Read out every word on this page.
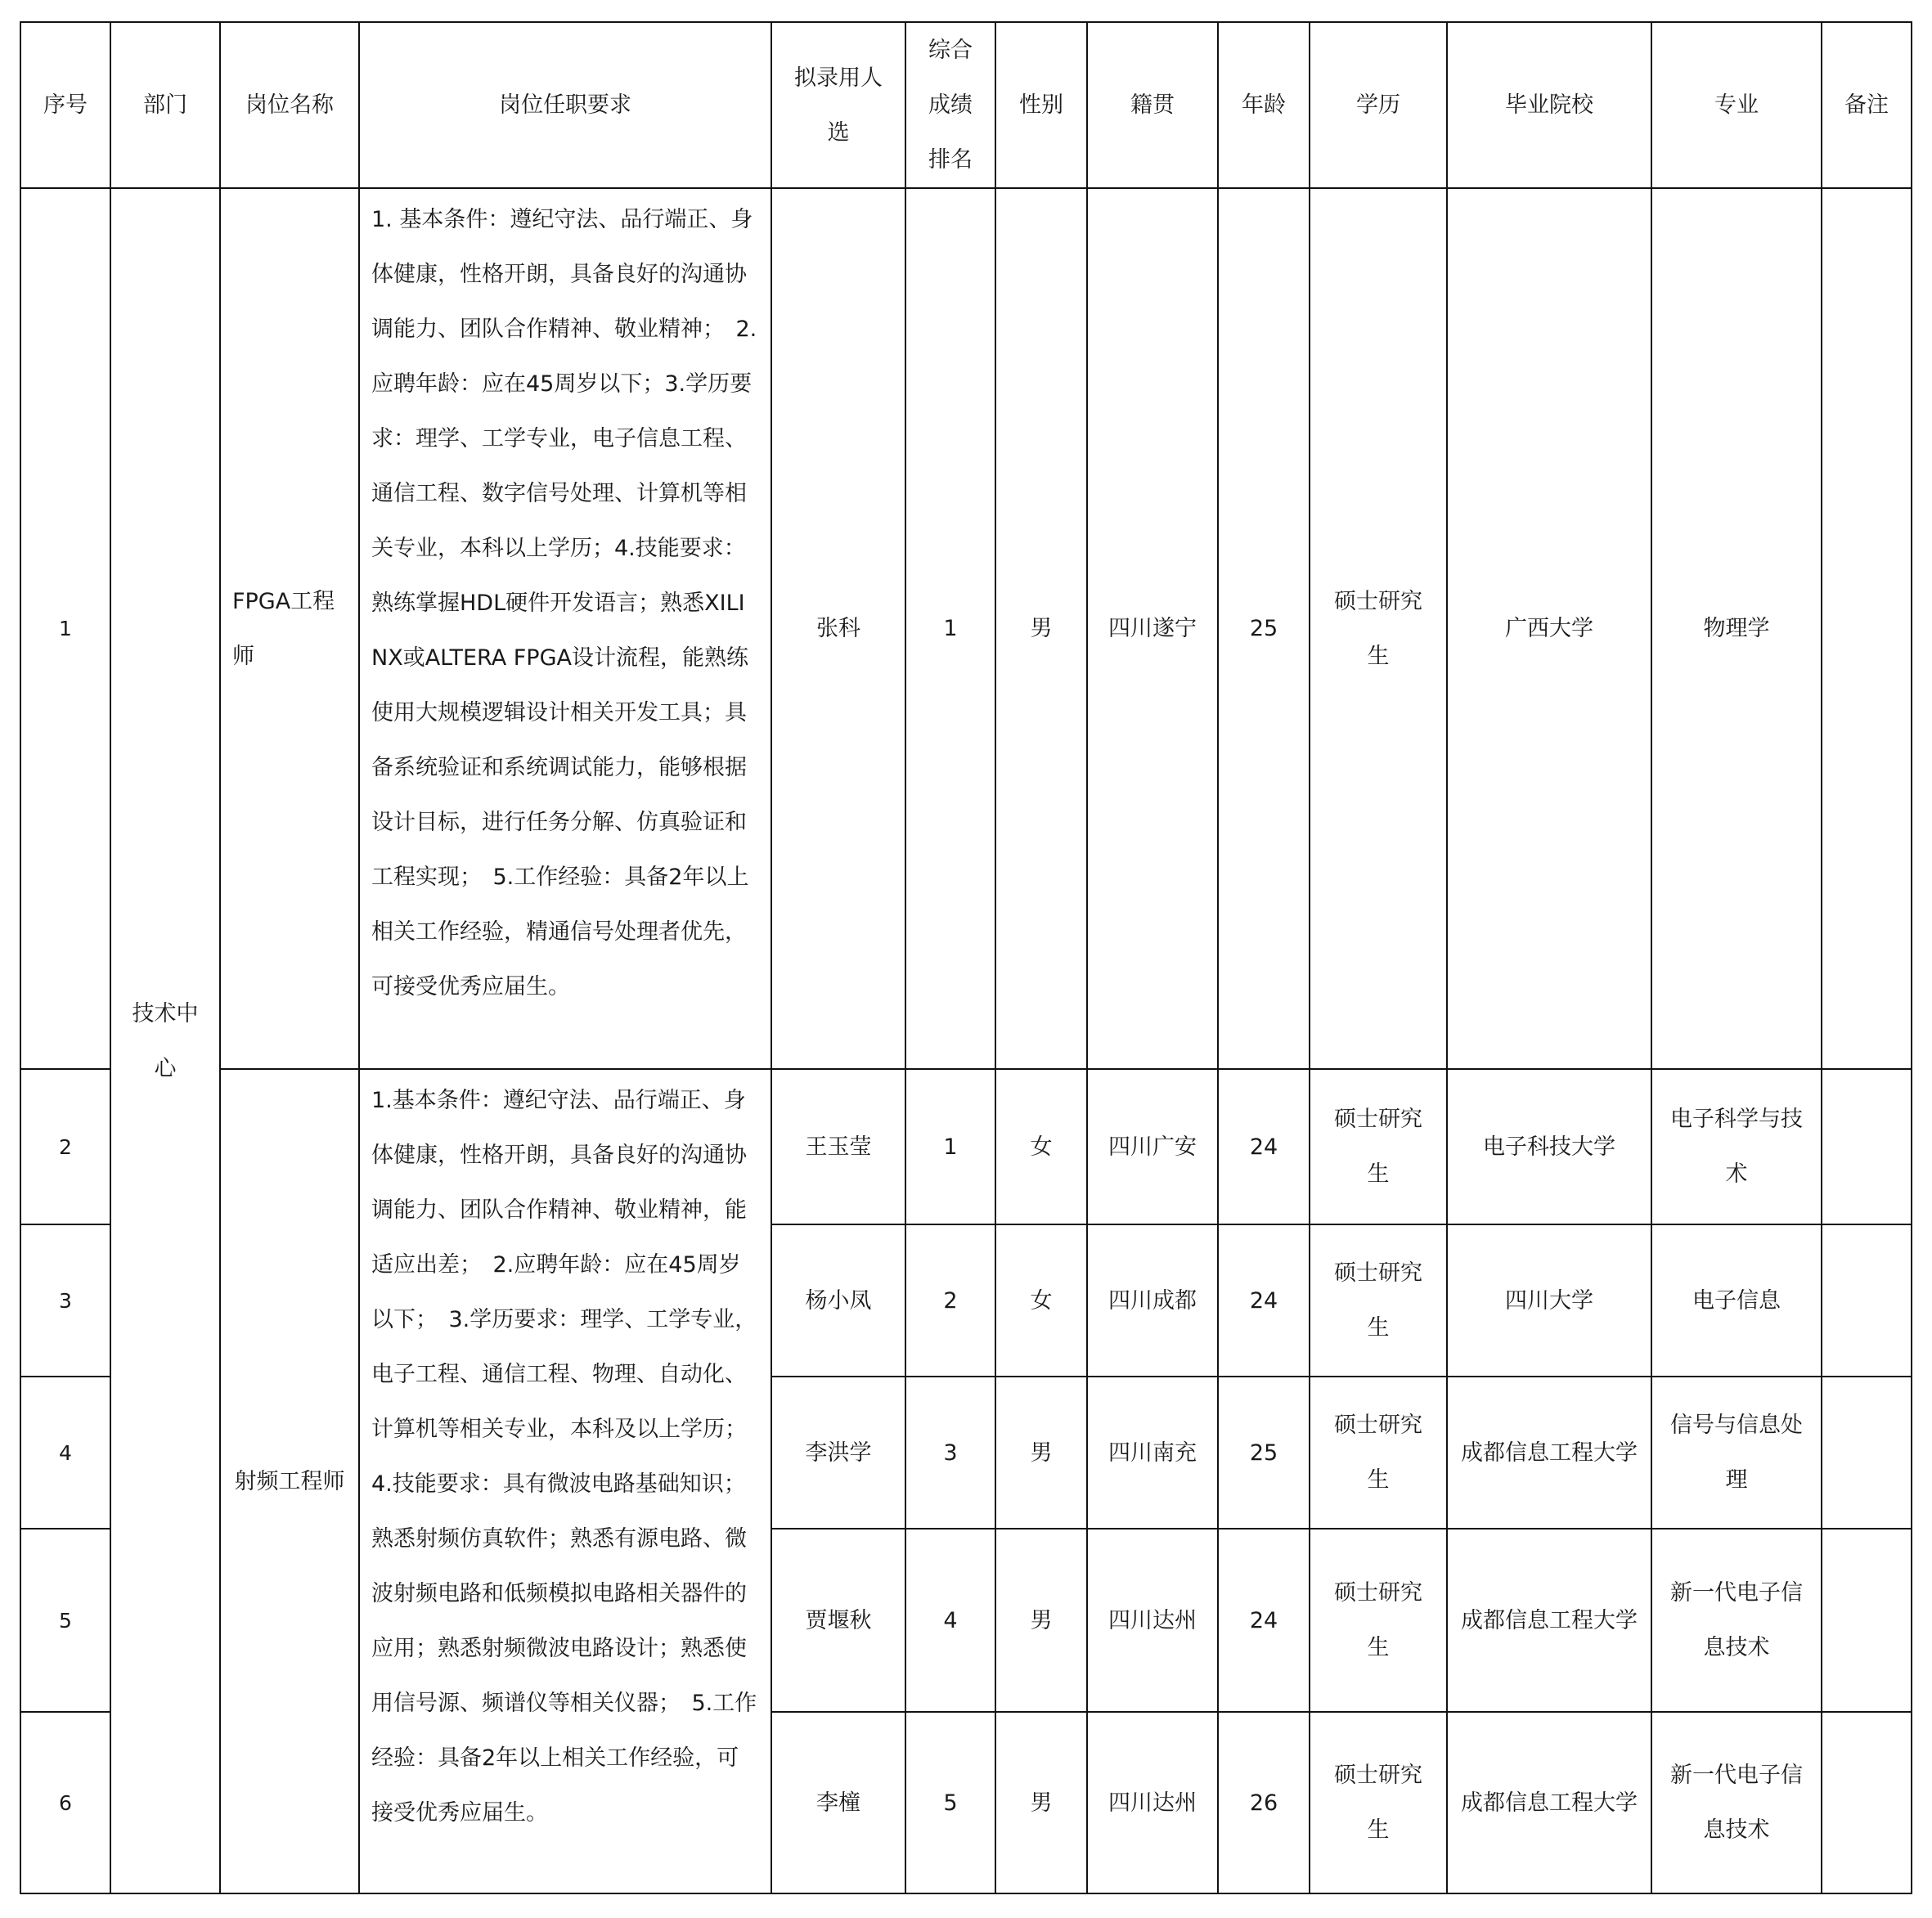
序号	部门	岗位名称	岗位任职要求	拟录用人选	综合成绩排名	性别	籍贯	年龄	学历	毕业院校	专业	备注
1	技术中心	FPGA工程师	1. 基本条件：遵纪守法、品行端正、身体健康，性格开朗，具备良好的沟通协调能力、团队合作精神、敬业精神；　2. 应聘年龄：应在45周岁以下；3.学历要求：理学、工学专业，电子信息工程、通信工程、数字信号处理、计算机等相关专业，本科以上学历；4.技能要求：熟练掌握HDL硬件开发语言；熟悉XILINX或ALTERA FPGA设计流程，能熟练使用大规模逻辑设计相关开发工具；具备系统验证和系统调试能力，能够根据设计目标，进行任务分解、仿真验证和工程实现；　5.工作经验：具备2年以上相关工作经验，精通信号处理者优先，可接受优秀应届生。	张科	1	男	四川遂宁	25	硕士研究生	广西大学	物理学	
2		射频工程师	1.基本条件：遵纪守法、品行端正、身体健康，性格开朗，具备良好的沟通协调能力、团队合作精神、敬业精神，能适应出差；　2.应聘年龄：应在45周岁以下；　3.学历要求：理学、工学专业，电子工程、通信工程、物理、自动化、计算机等相关专业，本科及以上学历；　4.技能要求：具有微波电路基础知识；熟悉射频仿真软件；熟悉有源电路、微波射频电路和低频模拟电路相关器件的应用；熟悉射频微波电路设计；熟悉使用信号源、频谱仪等相关仪器；　5.工作经验：具备2年以上相关工作经验，可接受优秀应届生。	王玉莹	1	女	四川广安	24	硕士研究生	电子科技大学	电子科学与技术	
3				杨小凤	2	女	四川成都	24	硕士研究生	四川大学	电子信息	
4				李洪学	3	男	四川南充	25	硕士研究生	成都信息工程大学	信号与信息处理	
5				贾堰秋	4	男	四川达州	24	硕士研究生	成都信息工程大学	新一代电子信息技术	
6				李橦	5	男	四川达州	26	硕士研究生	成都信息工程大学	新一代电子信息技术	
